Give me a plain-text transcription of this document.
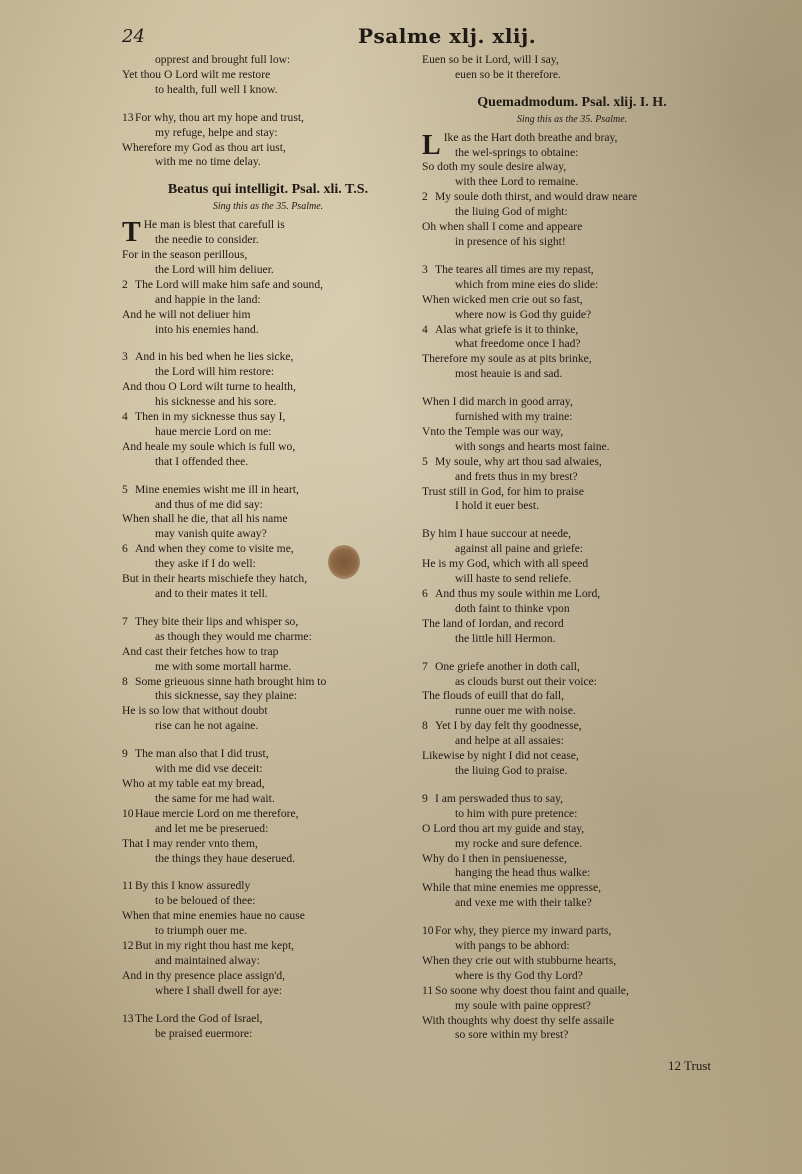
24	Psalme xlj. xlij.
opprest and brought full low:
Yet thou O Lord wilt me restore
to health, full well I know.
13For why, thou art my hope and trust,
my refuge, helpe and stay:
Wherefore my God as thou art iust,
with me no time delay.
Beatus qui intelligit. Psal. xli. T.S.
Sing this as the 35. Psalme.
T He man is blest that carefull is
the needie to consider.
For in the season perillous,
the Lord will him deliuer.
2 The Lord will make him safe and sound,
and happie in the land:
And he will not deliuer him
into his enemies hand.
3 And in his bed when he lies sicke,
the Lord will him restore:
And thou O Lord wilt turne to health,
his sicknesse and his sore.
4 Then in my sicknesse thus say I,
haue mercie Lord on me:
And heale my soule which is full wo,
that I offended thee.
5 Mine enemies wisht me ill in heart,
and thus of me did say:
When shall he die, that all his name
may vanish quite away?
6 And when they come to visite me,
they aske if I do well:
But in their hearts mischiefe they hatch,
and to their mates it tell.
7 They bite their lips and whisper so,
as though they would me charme:
And cast their fetches how to trap
me with some mortall harme.
8 Some grieuous sinne hath brought him to
this sicknesse, say they plaine:
He is so low that without doubt
rise can he not againe.
9 The man also that I did trust,
with me did vse deceit:
Who at my table eat my bread,
the same for me had wait.
10Haue mercie Lord on me therefore,
and let me be preserued:
That I may render vnto them,
the things they haue deserued.
11 By this I know assuredly
to be beloued of thee:
When that mine enemies haue no cause
to triumph ouer me.
12But in my right thou hast me kept,
and maintained alway:
And in thy presence place assign'd,
where I shall dwell for aye:
13The Lord the God of Israel,
be praised euermore:
Euen so be it Lord, will I say,
euen so be it therefore.
Quemadmodum. Psal. xlij. I. H.
Sing this as the 35. Psalme.
L Ike as the Hart doth breathe and bray,
the wel-springs to obtaine:
So doth my soule desire alway,
with thee Lord to remaine.
2 My soule doth thirst, and would draw neare
the liuing God of might:
Oh when shall I come and appeare
in presence of his sight!
3 The teares all times are my repast,
which from mine eies do slide:
When wicked men crie out so fast,
where now is God thy guide?
4 Alas what griefe is it to thinke,
what freedome once I had?
Therefore my soule as at pits brinke,
most heauie is and sad.
When I did march in good array,
furnished with my traine:
Vnto the Temple was our way,
with songs and hearts most faine.
5 My soule, why art thou sad alwaies,
and frets thus in my brest?
Trust still in God, for him to praise
I hold it euer best.
By him I haue succour at neede,
against all paine and griefe:
He is my God, which with all speed
will haste to send reliefe.
6 And thus my soule within me Lord,
doth faint to thinke vpon
The land of Iordan, and record
the little hill Hermon.
7 One griefe another in doth call,
as clouds burst out their voice:
The flouds of euill that do fall,
runne ouer me with noise.
8 Yet I by day felt thy goodnesse,
and helpe at all assaies:
Likewise by night I did not cease,
the liuing God to praise.
9 I am perswaded thus to say,
to him with pure pretence:
O Lord thou art my guide and stay,
my rocke and sure defence.
Why do I then in pensiuenesse,
hanging the head thus walke:
While that mine enemies me oppresse,
and vexe me with their talke?
10For why, they pierce my inward parts,
with pangs to be abhord:
When they crie out with stubburne hearts,
where is thy God thy Lord?
11 So soone why doest thou faint and quaile,
my soule with paine opprest?
With thoughts why doest thy selfe assaile
so sore within my brest?
12 Trust
